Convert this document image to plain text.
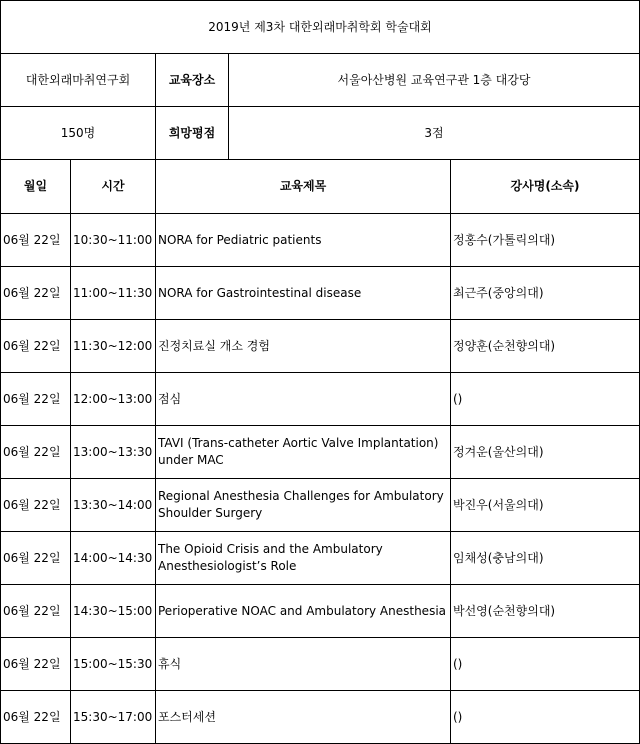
2019년 제3차 대한외래마취학회 학술대회				
대한외래마취연구회		교육장소	서울아산병원 교육연구관 1층 대강당	
150명		희망평점	3점	
월일	시간	교육제목		강사명(소속)
06월 22일	10:30~11:00	NORA for Pediatric patients		정홍수(가톨릭의대)
06월 22일	11:00~11:30	NORA for Gastrointestinal disease		최근주(중앙의대)
06월 22일	11:30~12:00	진정치료실 개소 경험		정양훈(순천향의대)
06월 22일	12:00~13:00	점심		()
06월 22일	13:00~13:30	TAVI (Trans-catheter Aortic Valve Implantation) under MAC		정겨운(울산의대)
06월 22일	13:30~14:00	Regional Anesthesia Challenges for Ambulatory Shoulder Surgery		박진우(서울의대)
06월 22일	14:00~14:30	The Opioid Crisis and the Ambulatory Anesthesiologist’s Role		임채성(충남의대)
06월 22일	14:30~15:00	Perioperative NOAC and Ambulatory Anesthesia		박선영(순천향의대)
06월 22일	15:00~15:30	휴식		()
06월 22일	15:30~17:00	포스터세션		()
